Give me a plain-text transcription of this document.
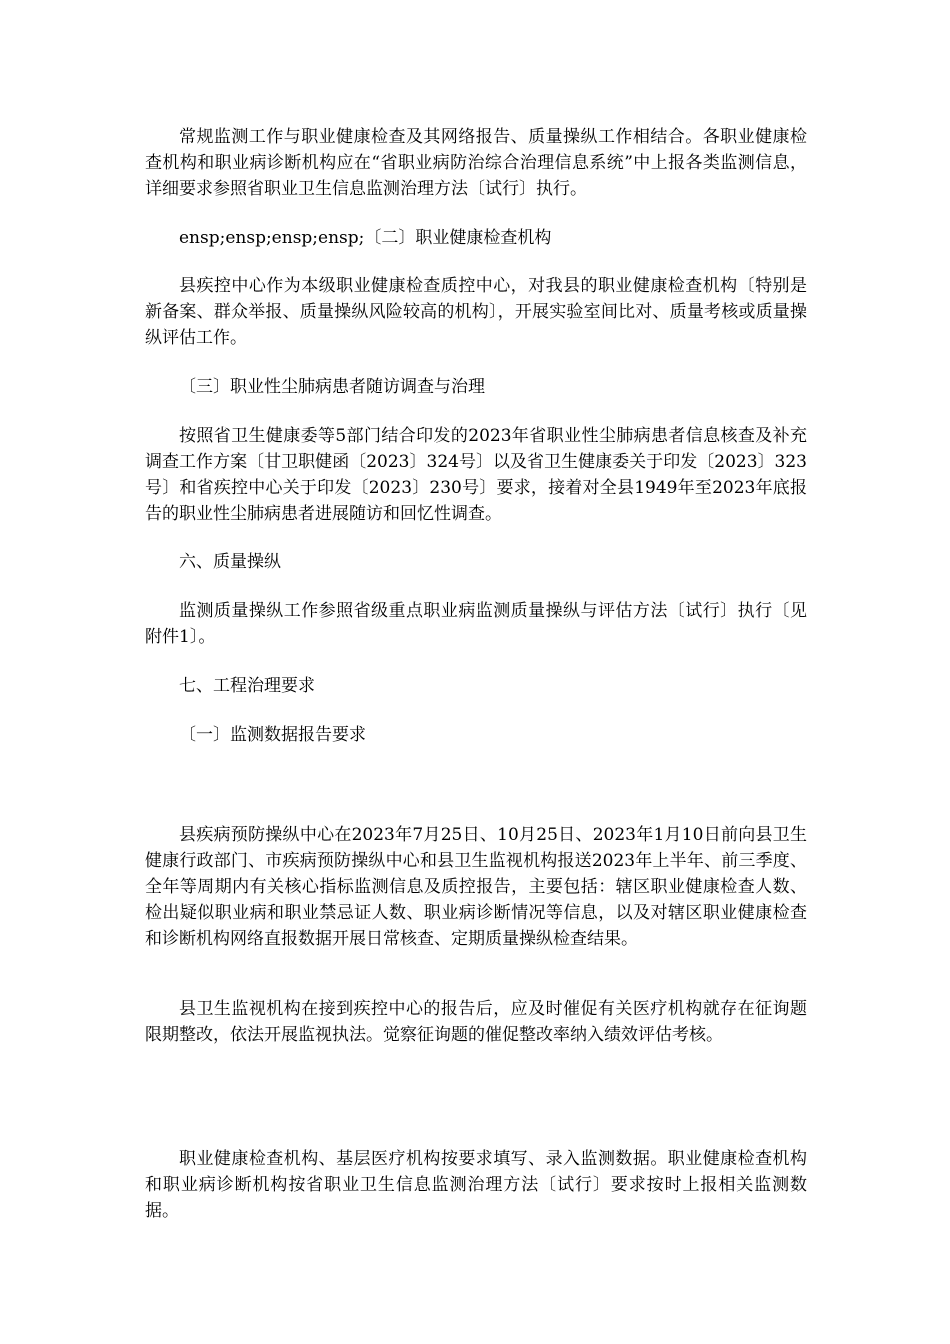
常规监测工作与职业健康检查及其网络报告、质量操纵工作相结合。各职业健康检查机构和职业病诊断机构应在“省职业病防治综合治理信息系统”中上报各类监测信息，详细要求参照省职业卫生信息监测治理方法〔试行〕执行。

ensp;ensp;ensp;ensp;〔二〕职业健康检查机构

县疾控中心作为本级职业健康检查质控中心，对我县的职业健康检查机构〔特别是新备案、群众举报、质量操纵风险较高的机构〕，开展实验室间比对、质量考核或质量操纵评估工作。

〔三〕职业性尘肺病患者随访调查与治理

按照省卫生健康委等5部门结合印发的2023年省职业性尘肺病患者信息核查及补充调查工作方案〔甘卫职健函〔2023〕324号〕以及省卫生健康委关于印发〔2023〕323号〕和省疾控中心关于印发〔2023〕230号〕要求，接着对全县1949年至2023年底报告的职业性尘肺病患者进展随访和回忆性调查。

六、质量操纵

监测质量操纵工作参照省级重点职业病监测质量操纵与评估方法〔试行〕执行〔见附件1〕。

七、工程治理要求

〔一〕监测数据报告要求

县疾病预防操纵中心在2023年7月25日、10月25日、2023年1月10日前向县卫生健康行政部门、市疾病预防操纵中心和县卫生监视机构报送2023年上半年、前三季度、全年等周期内有关核心指标监测信息及质控报告，主要包括：辖区职业健康检查人数、检出疑似职业病和职业禁忌证人数、职业病诊断情况等信息，以及对辖区职业健康检查和诊断机构网络直报数据开展日常核查、定期质量操纵检查结果。

县卫生监视机构在接到疾控中心的报告后，应及时催促有关医疗机构就存在征询题限期整改，依法开展监视执法。觉察征询题的催促整改率纳入绩效评估考核。

职业健康检查机构、基层医疗机构按要求填写、录入监测数据。职业健康检查机构和职业病诊断机构按省职业卫生信息监测治理方法〔试行〕要求按时上报相关监测数据。
